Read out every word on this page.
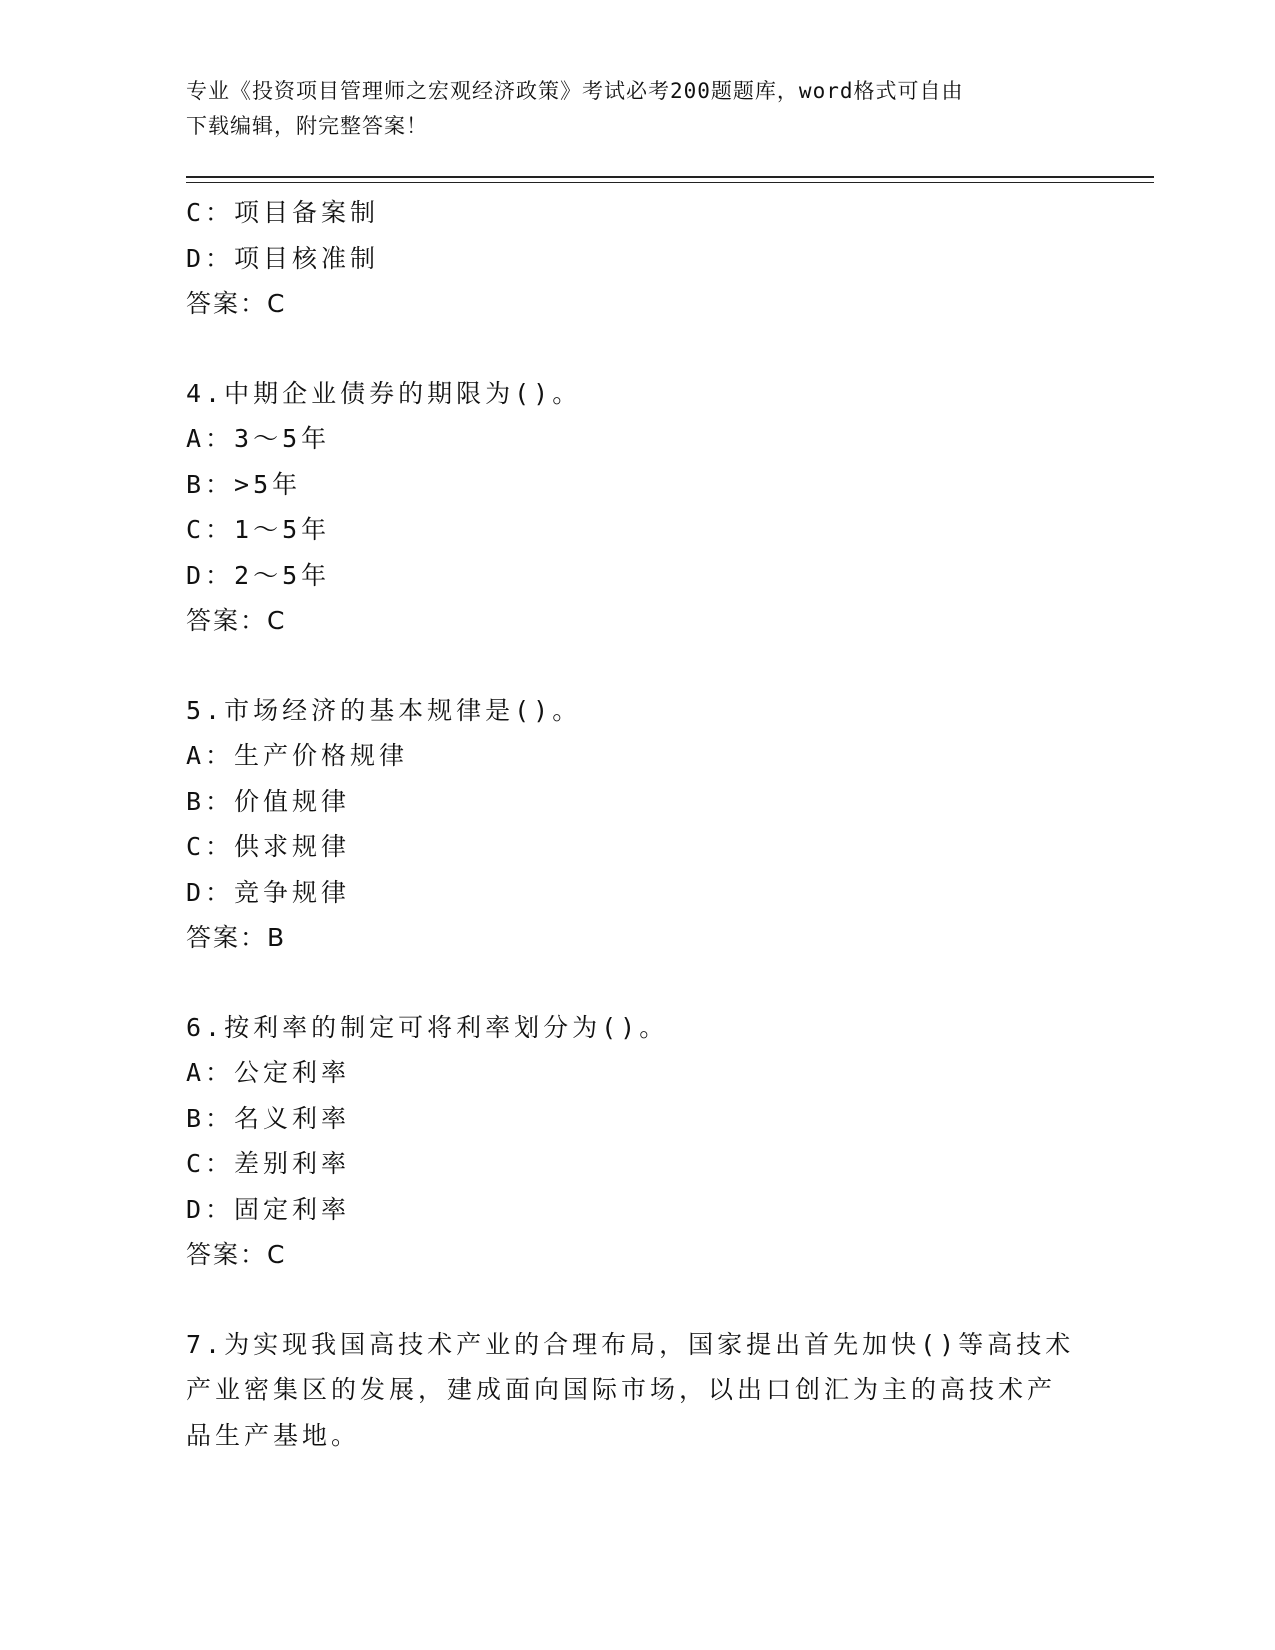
专业《投资项目管理师之宏观经济政策》考试必考200题题库，word格式可自由
下载编辑，附完整答案！
C：项目备案制
D：项目核准制
答案：C
4.中期企业债券的期限为()。
A：3～5年
B：>5年
C：1～5年
D：2～5年
答案：C
5.市场经济的基本规律是()。
A：生产价格规律
B：价值规律
C：供求规律
D：竞争规律
答案：B
6.按利率的制定可将利率划分为()。
A：公定利率
B：名义利率
C：差别利率
D：固定利率
答案：C
7.为实现我国高技术产业的合理布局，国家提出首先加快()等高技术
产业密集区的发展，建成面向国际市场，以出口创汇为主的高技术产
品生产基地。
